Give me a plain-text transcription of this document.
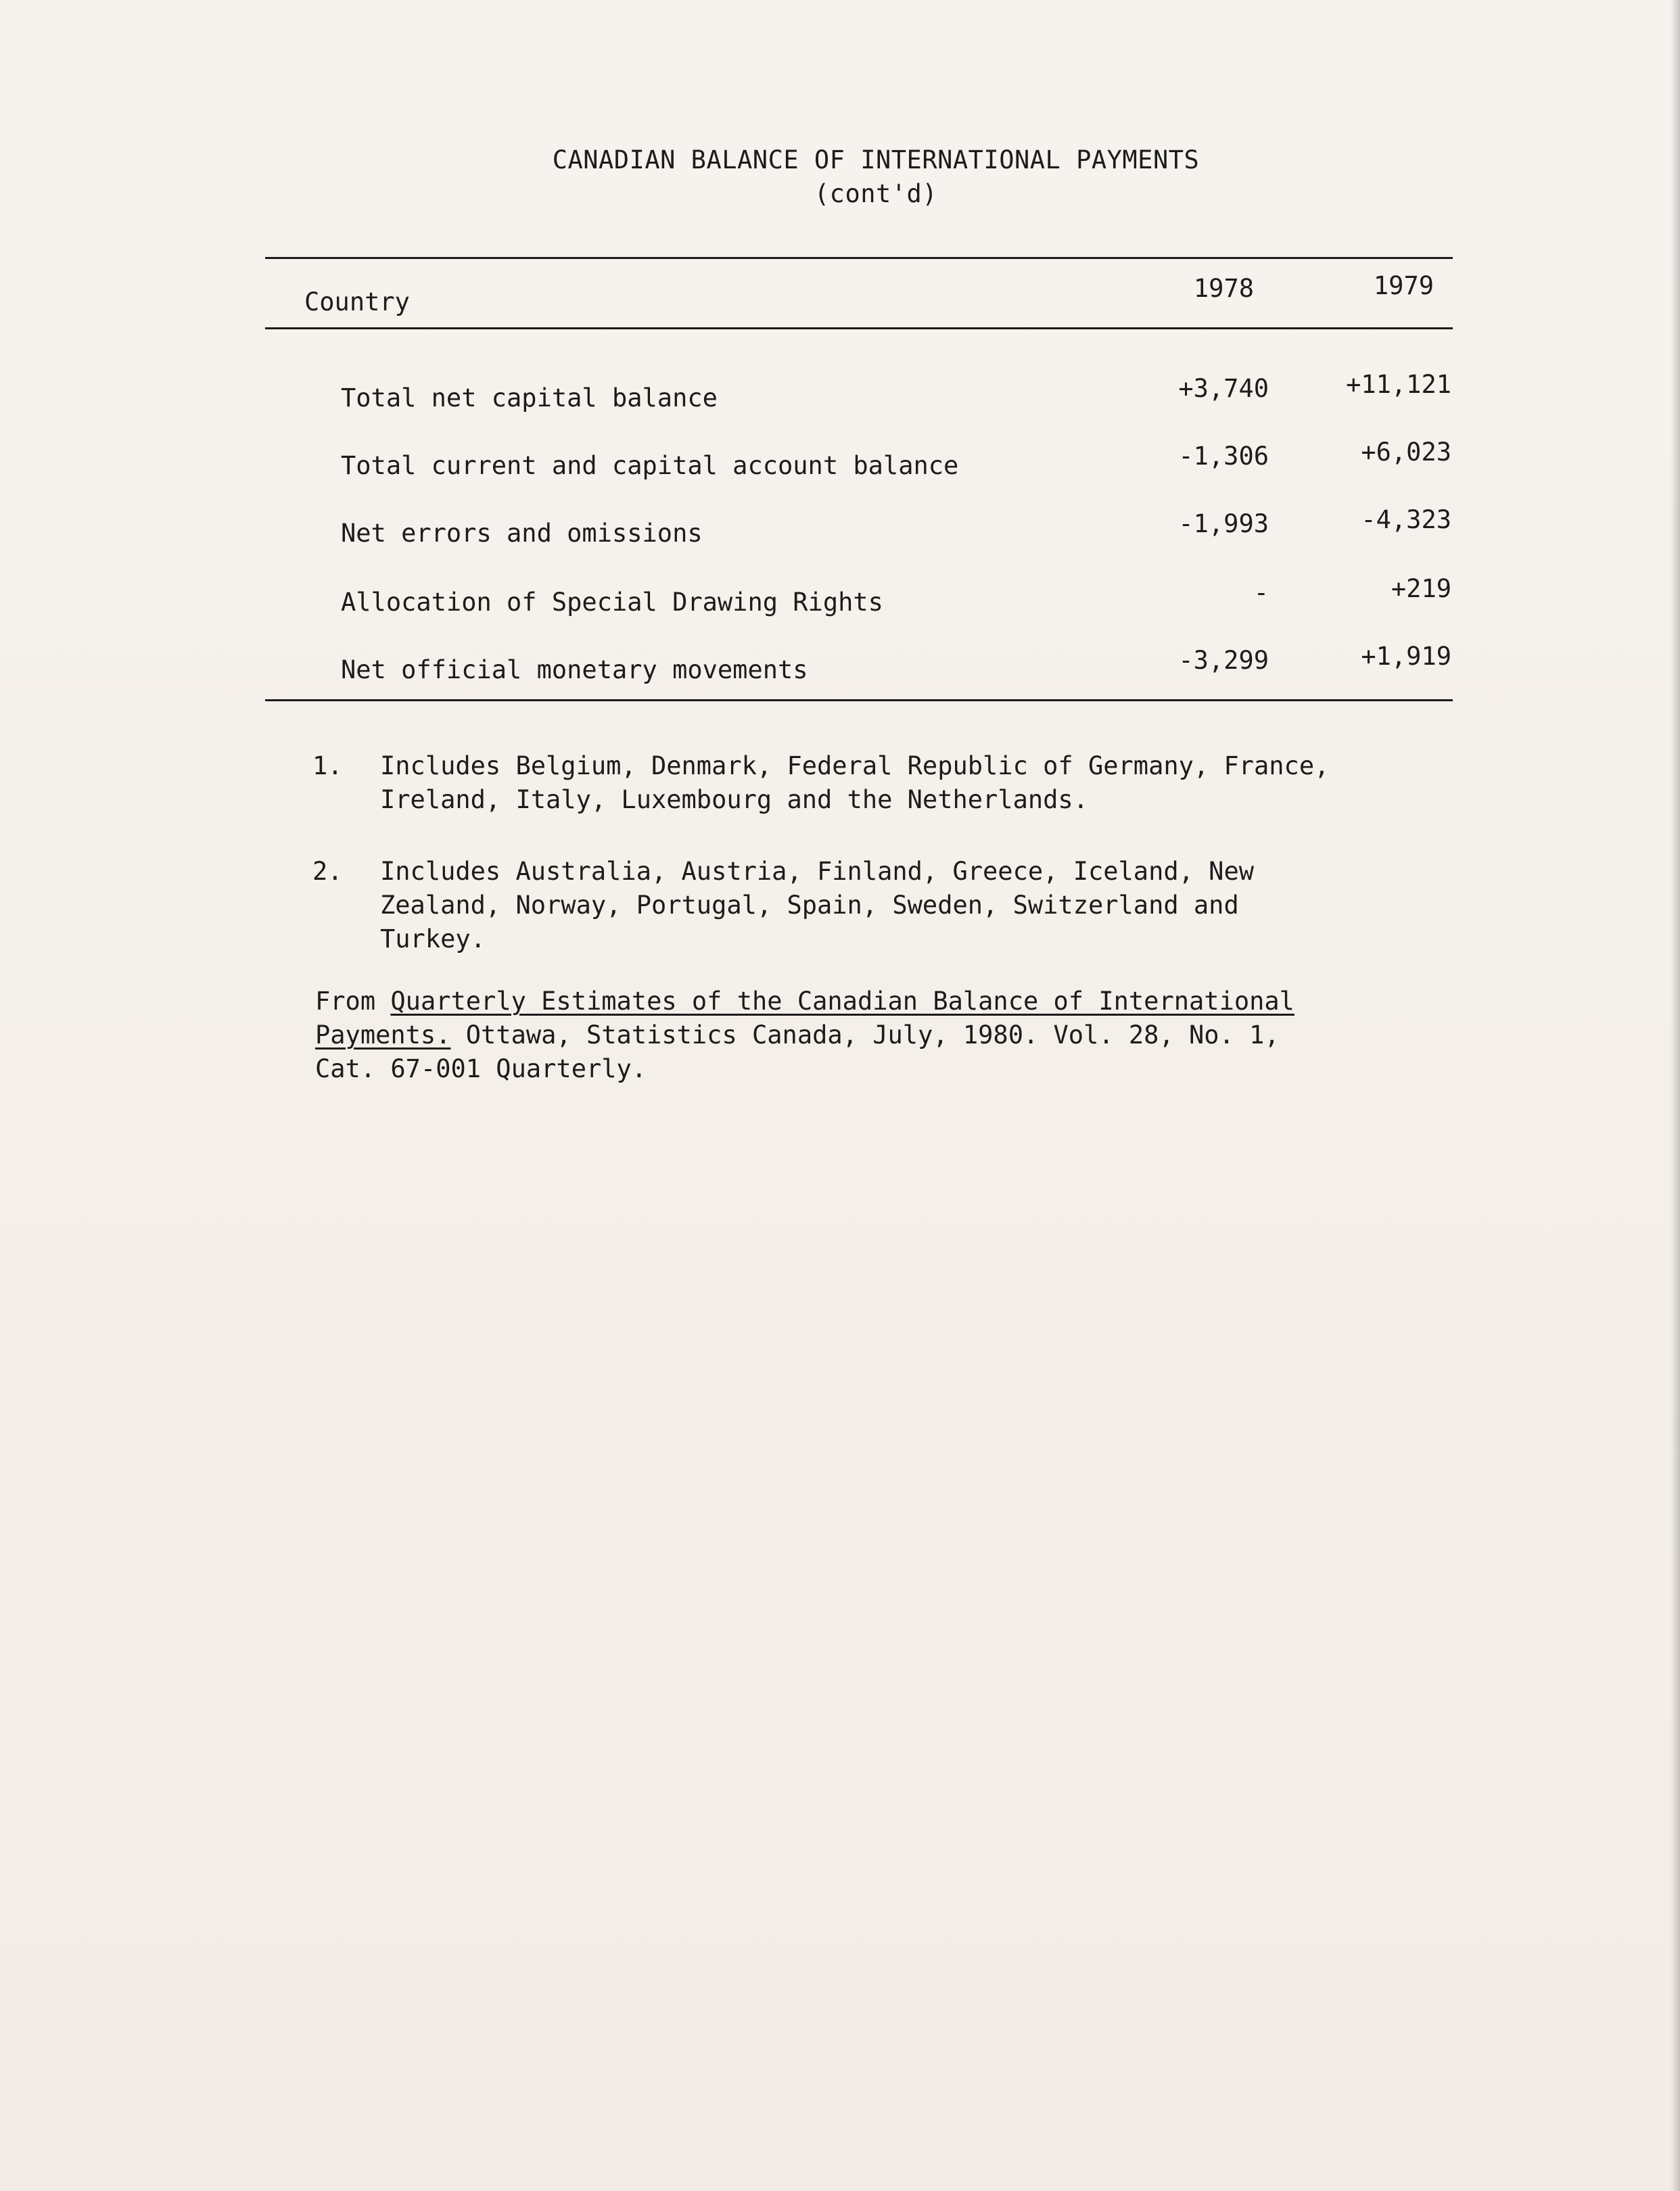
CANADIAN BALANCE OF INTERNATIONAL PAYMENTS
(cont'd)
Country	1978	1979
Total net capital balance	+3,740	+11,121
Total current and capital account balance	-1,306	+6,023
Net errors and omissions	-1,993	-4,323
Allocation of Special Drawing Rights	-	+219
Net official monetary movements	-3,299	+1,919
1. Includes Belgium, Denmark, Federal Republic of Germany, France,
Ireland, Italy, Luxembourg and the Netherlands.
2. Includes Australia, Austria, Finland, Greece, Iceland, New
Zealand, Norway, Portugal, Spain, Sweden, Switzerland and
Turkey.
From Quarterly Estimates of the Canadian Balance of International
Payments. Ottawa, Statistics Canada, July, 1980. Vol. 28, No. 1,
Cat. 67-001 Quarterly.
